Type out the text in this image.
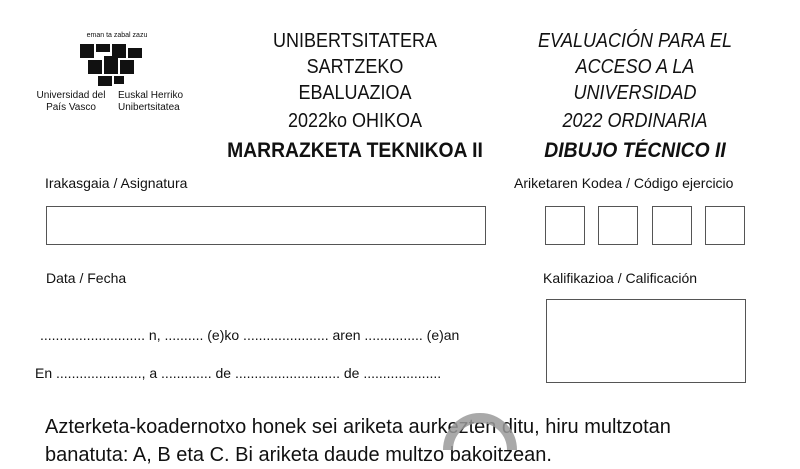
eman ta zabal zazu
Universidad del País Vasco
Euskal Herriko Unibertsitatea
UNIBERTSITATERA SARTZEKO
EBALUAZIOA
2022ko OHIKOA
MARRAZKETA TEKNIKOA II
EVALUACIÓN PARA EL
ACCESO A LA UNIVERSIDAD
2022 ORDINARIA
DIBUJO TÉCNICO II
Irakasgaia / Asignatura	Ariketaren Kodea / Código ejercicio
Data / Fecha
........................... n, .......... (e)ko ...................... aren ............... (e)an
En ......................, a ............. de ........................... de ....................
Kalifikazioa / Calificación
Azterketa-koadernotxo honek sei ariketa aurkezten ditu, hiru multzotan
banatuta: A, B eta C. Bi ariketa daude multzo bakoitzean.
